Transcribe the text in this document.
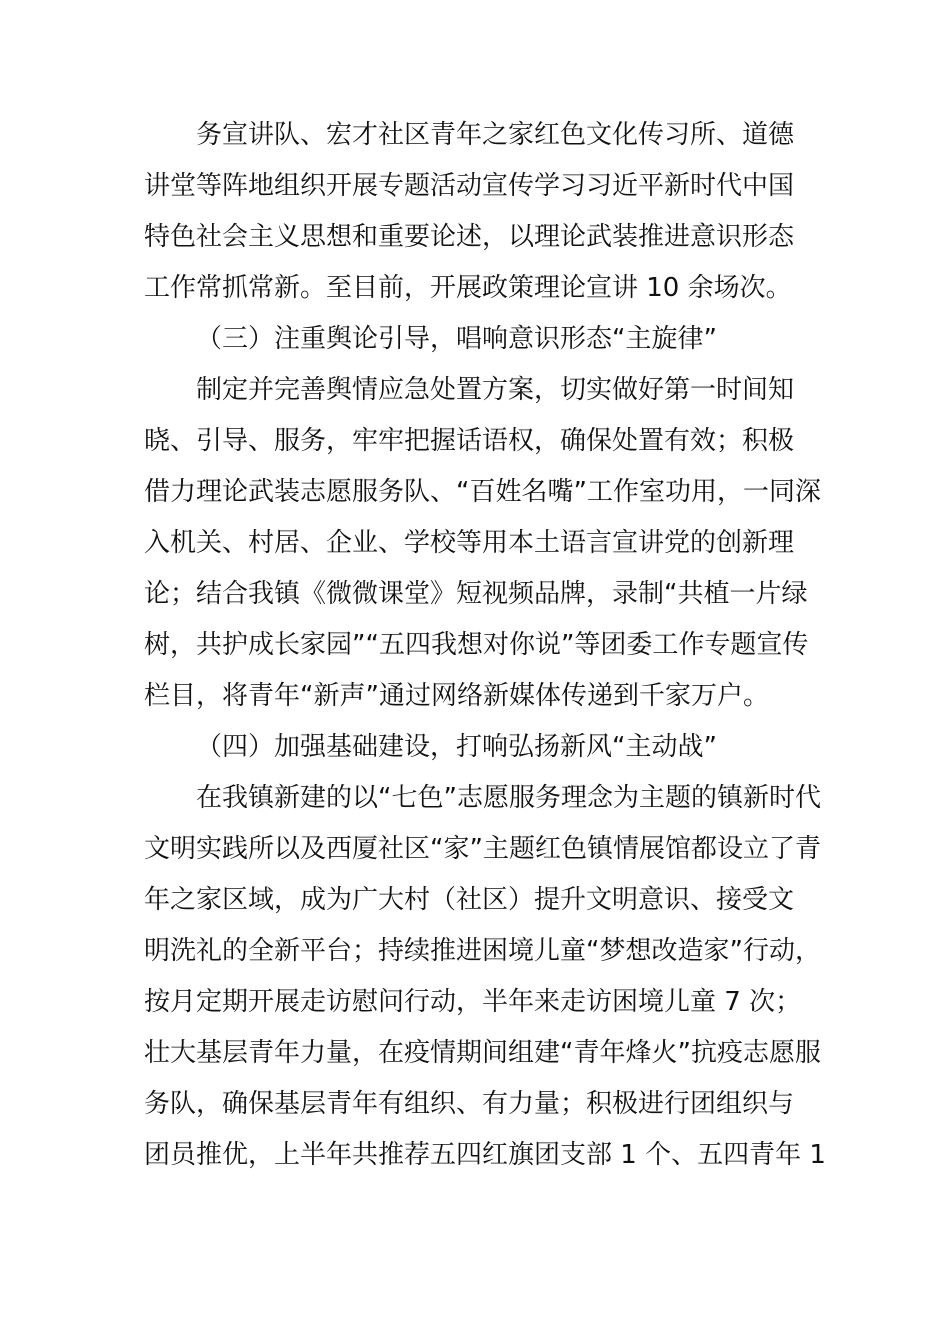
务宣讲队、宏才社区青年之家红色文化传习所、道德
讲堂等阵地组织开展专题活动宣传学习习近平新时代中国
特色社会主义思想和重要论述，以理论武装推进意识形态
工作常抓常新。至目前，开展政策理论宣讲 10 余场次。
（三）注重舆论引导，唱响意识形态“主旋律”
制定并完善舆情应急处置方案，切实做好第一时间知
晓、引导、服务，牢牢把握话语权，确保处置有效；积极
借力理论武装志愿服务队、“百姓名嘴”工作室功用，一同深
入机关、村居、企业、学校等用本土语言宣讲党的创新理
论；结合我镇《微微课堂》短视频品牌，录制“共植一片绿
树，共护成长家园”“五四我想对你说”等团委工作专题宣传
栏目，将青年“新声”通过网络新媒体传递到千家万户。
（四）加强基础建设，打响弘扬新风“主动战”
在我镇新建的以“七色”志愿服务理念为主题的镇新时代
文明实践所以及西厦社区“家”主题红色镇情展馆都设立了青
年之家区域，成为广大村（社区）提升文明意识、接受文
明洗礼的全新平台；持续推进困境儿童“梦想改造家”行动，
按月定期开展走访慰问行动，半年来走访困境儿童 7 次；
壮大基层青年力量，在疫情期间组建“青年烽火”抗疫志愿服
务队，确保基层青年有组织、有力量；积极进行团组织与
团员推优，上半年共推荐五四红旗团支部 1 个、五四青年 1
